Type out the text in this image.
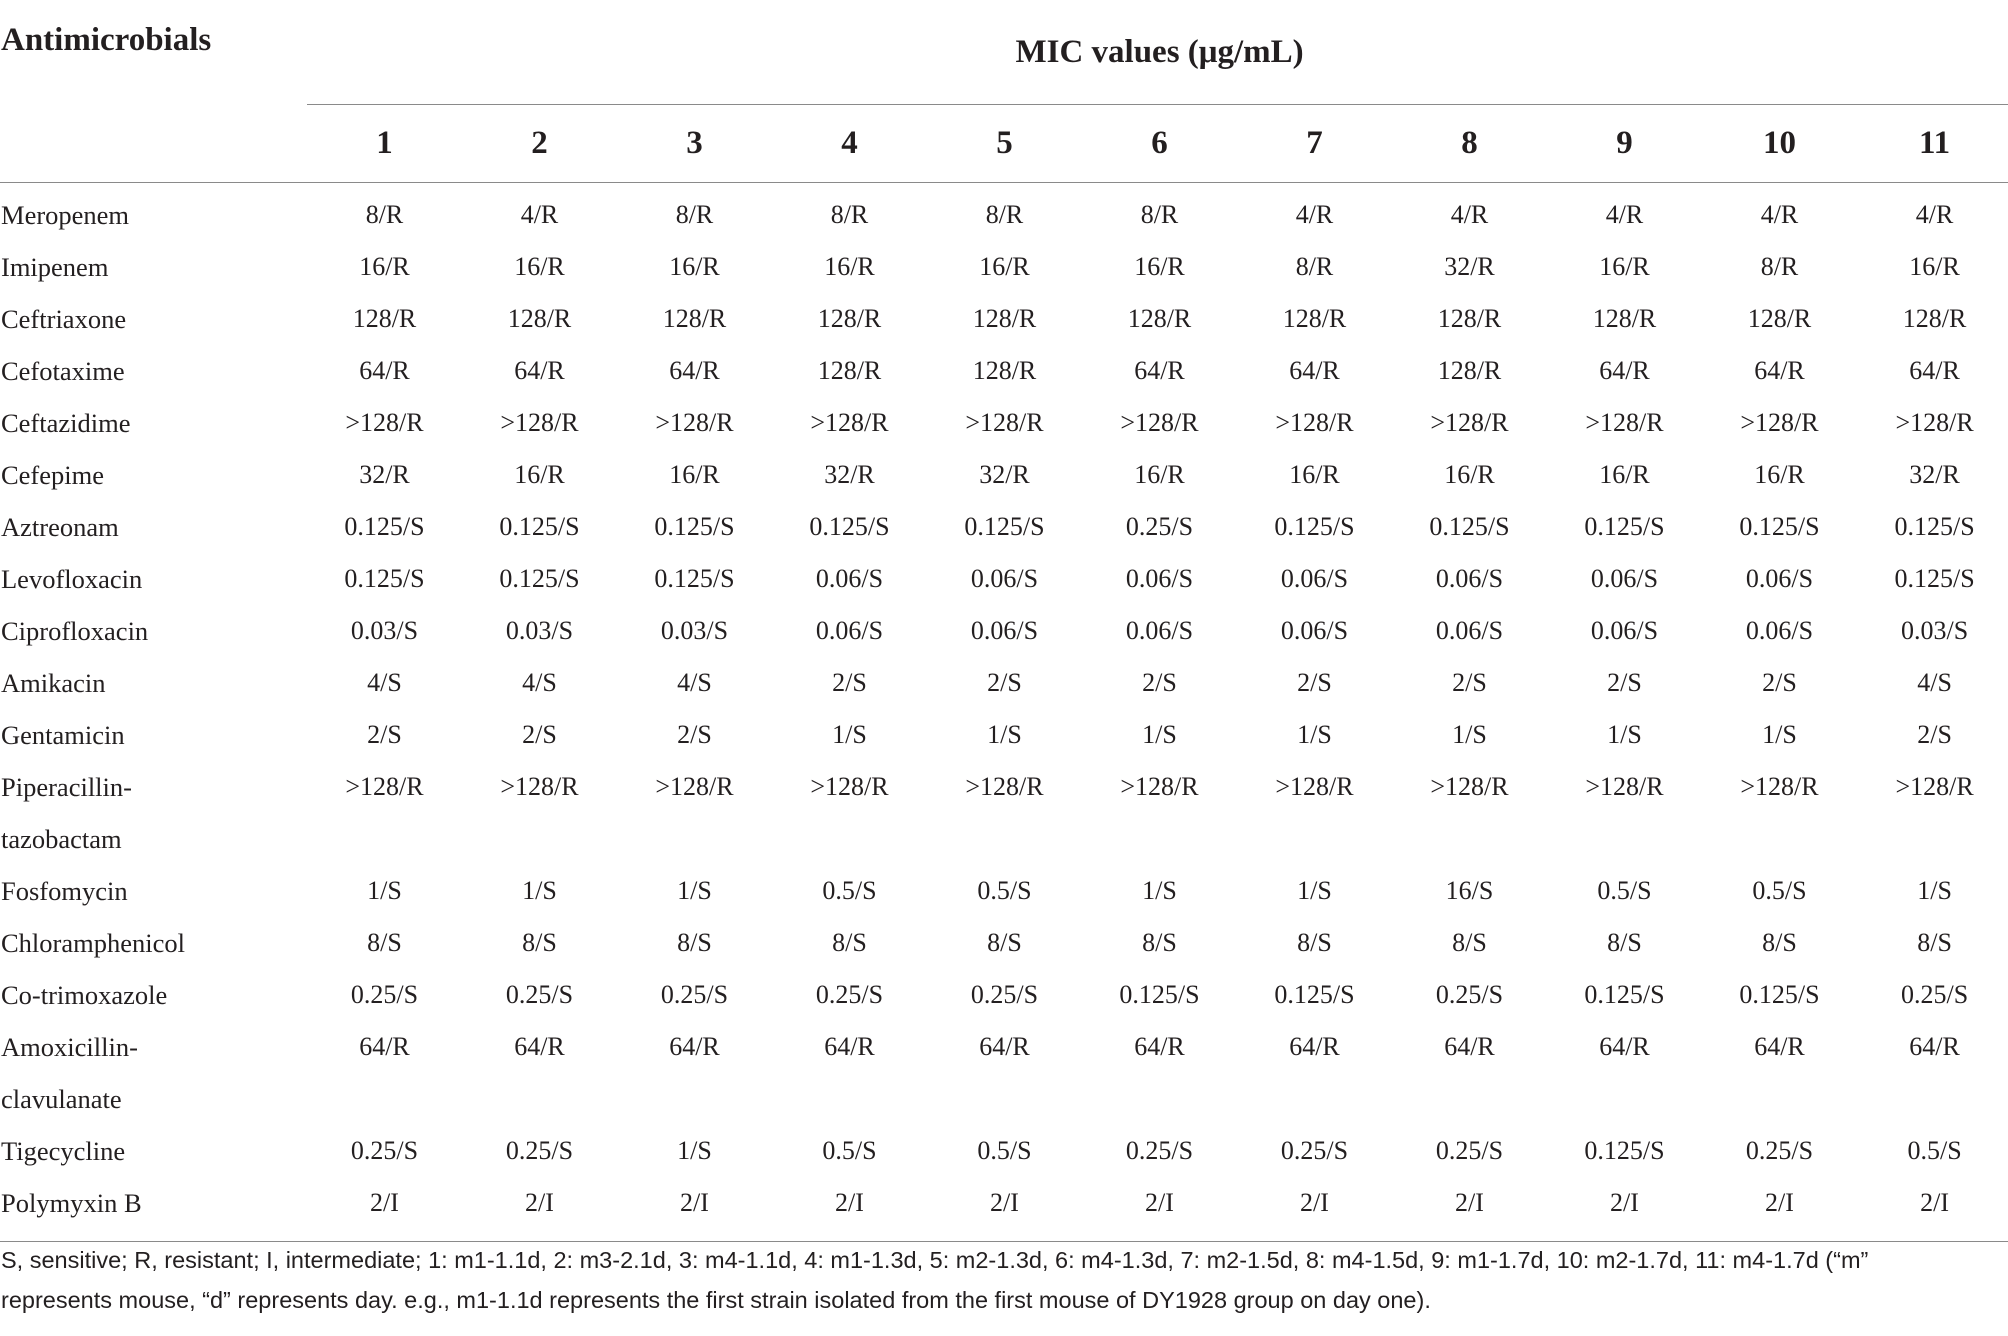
Antimicrobials	MIC values (μg/mL)										
	1	2	3	4	5	6	7	8	9	10	11

Meropenem	8/R	4/R	8/R	8/R	8/R	8/R	4/R	4/R	4/R	4/R	4/R

Imipenem	16/R	16/R	16/R	16/R	16/R	16/R	8/R	32/R	16/R	8/R	16/R

Ceftriaxone	128/R	128/R	128/R	128/R	128/R	128/R	128/R	128/R	128/R	128/R	128/R

Cefotaxime	64/R	64/R	64/R	128/R	128/R	64/R	64/R	128/R	64/R	64/R	64/R

Ceftazidime	>128/R	>128/R	>128/R	>128/R	>128/R	>128/R	>128/R	>128/R	>128/R	>128/R	>128/R

Cefepime	32/R	16/R	16/R	32/R	32/R	16/R	16/R	16/R	16/R	16/R	32/R

Aztreonam	0.125/S	0.125/S	0.125/S	0.125/S	0.125/S	0.25/S	0.125/S	0.125/S	0.125/S	0.125/S	0.125/S

Levofloxacin	0.125/S	0.125/S	0.125/S	0.06/S	0.06/S	0.06/S	0.06/S	0.06/S	0.06/S	0.06/S	0.125/S

Ciprofloxacin	0.03/S	0.03/S	0.03/S	0.06/S	0.06/S	0.06/S	0.06/S	0.06/S	0.06/S	0.06/S	0.03/S

Amikacin	4/S	4/S	4/S	2/S	2/S	2/S	2/S	2/S	2/S	2/S	4/S

Gentamicin	2/S	2/S	2/S	1/S	1/S	1/S	1/S	1/S	1/S	1/S	2/S

Piperacillin-
tazobactam	>128/R	>128/R	>128/R	>128/R	>128/R	>128/R	>128/R	>128/R	>128/R	>128/R	>128/R

Fosfomycin	1/S	1/S	1/S	0.5/S	0.5/S	1/S	1/S	16/S	0.5/S	0.5/S	1/S

Chloramphenicol	8/S	8/S	8/S	8/S	8/S	8/S	8/S	8/S	8/S	8/S	8/S

Co-trimoxazole	0.25/S	0.25/S	0.25/S	0.25/S	0.25/S	0.125/S	0.125/S	0.25/S	0.125/S	0.125/S	0.25/S

Amoxicillin-
clavulanate	64/R	64/R	64/R	64/R	64/R	64/R	64/R	64/R	64/R	64/R	64/R

Tigecycline	0.25/S	0.25/S	1/S	0.5/S	0.5/S	0.25/S	0.25/S	0.25/S	0.125/S	0.25/S	0.5/S

Polymyxin B	2/I	2/I	2/I	2/I	2/I	2/I	2/I	2/I	2/I	2/I	2/I
S, sensitive; R, resistant; I, intermediate; 1: m1-1.1d, 2: m3-2.1d, 3: m4-1.1d, 4: m1-1.3d, 5: m2-1.3d, 6: m4-1.3d, 7: m2-1.5d, 8: m4-1.5d, 9: m1-1.7d, 10: m2-1.7d, 11: m4-1.7d (“m”
represents mouse, “d” represents day. e.g., m1-1.1d represents the first strain isolated from the first mouse of DY1928 group on day one).
